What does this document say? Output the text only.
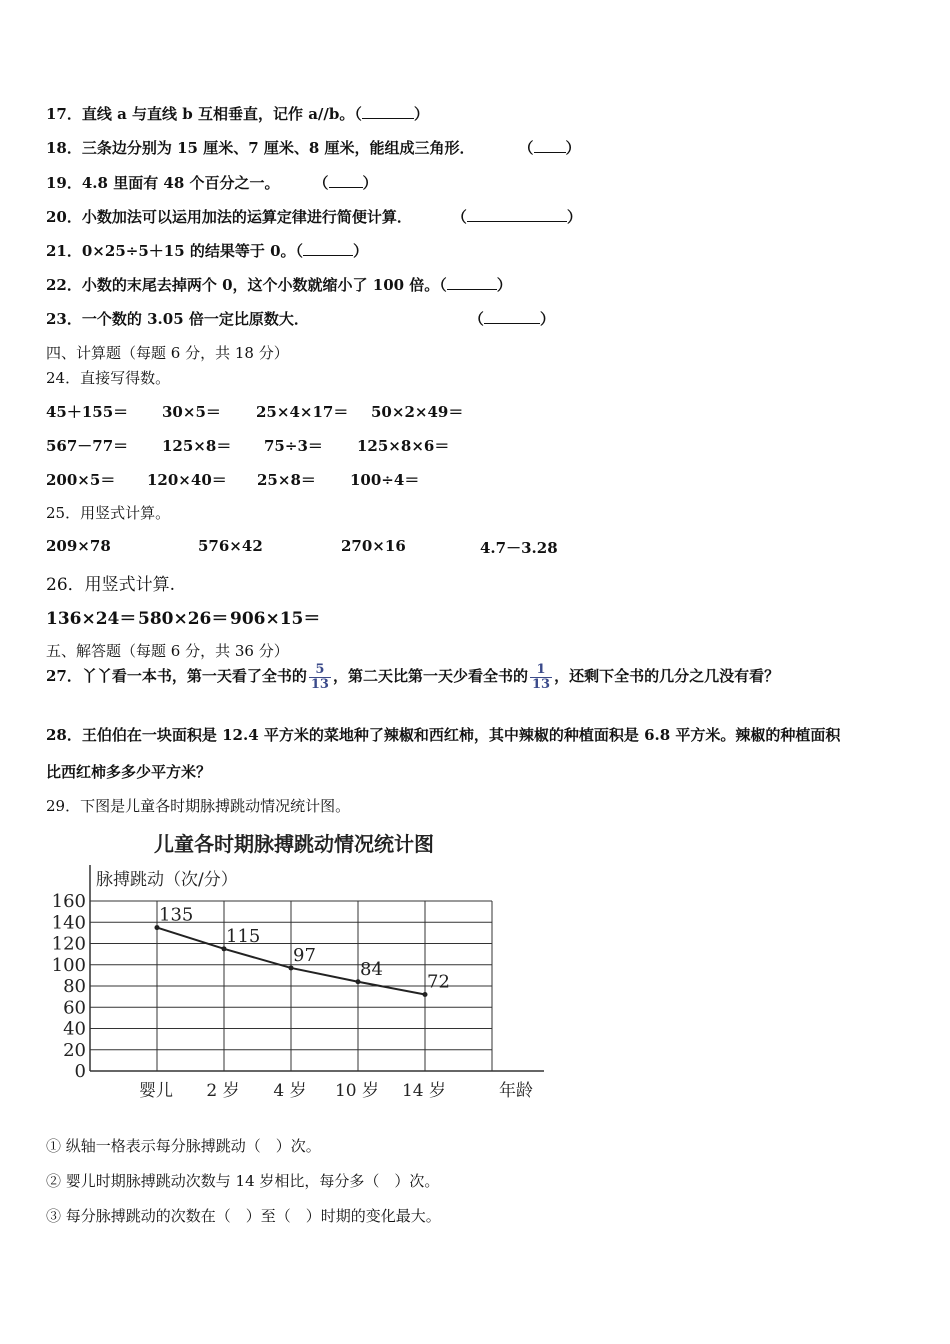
17．直线 a 与直线 b 互相垂直，记作 a//b。（	）
18．三条边分别为 15 厘米、7 厘米、8 厘米，能组成三角形．	（ ）
19．4.8 里面有 48 个百分之一。 （ ）
20．小数加法可以运用加法的运算定律进行简便计算．	（	）
21．0×25÷5＋15 的结果等于 0。（	）
22．小数的末尾去掉两个 0，这个小数就缩小了 100 倍。（	）
23．一个数的 3.05 倍一定比原数大．	（	）
四、计算题（每题 6 分，共 18 分）
24．直接写得数。
45＋155＝ 30×5＝ 25×4×17＝ 50×2×49＝
567－77＝ 125×8＝ 75÷3＝ 125×8×6＝
200×5＝ 120×40＝ 25×8＝ 100÷4＝
25．用竖式计算。
209×78	576×42	270×16	4.7－3.28
26．用竖式计算.
136×24＝ 580×26＝ 906×15＝
五、解答题（每题 6 分，共 36 分）
27．丫丫看一本书，第一天看了全书的 $\frac{5}{13}$ ，第二天比第一天少看全书的 $\frac{1}{13}$ ，还剩下全书的几分之几没有看？
28．王伯伯在一块面积是 12.4 平方米的菜地种了辣椒和西红柿，其中辣椒的种植面积是 6.8 平方米。辣椒的种植面积
比西红柿多多少平方米？
29．下图是儿童各时期脉搏跳动情况统计图。
儿童各时期脉搏跳动情况统计图
脉搏跳动（次/分）
年龄
0
20
40
60
80
100
120
140
160
135
婴儿
115
2 岁
97
4 岁
84
10 岁
72
14 岁
① 纵轴一格表示每分脉搏跳动（　）次。
② 婴儿时期脉搏跳动次数与 14 岁相比，每分多（　）次。
③ 每分脉搏跳动的次数在（　）至（　）时期的变化最大。
